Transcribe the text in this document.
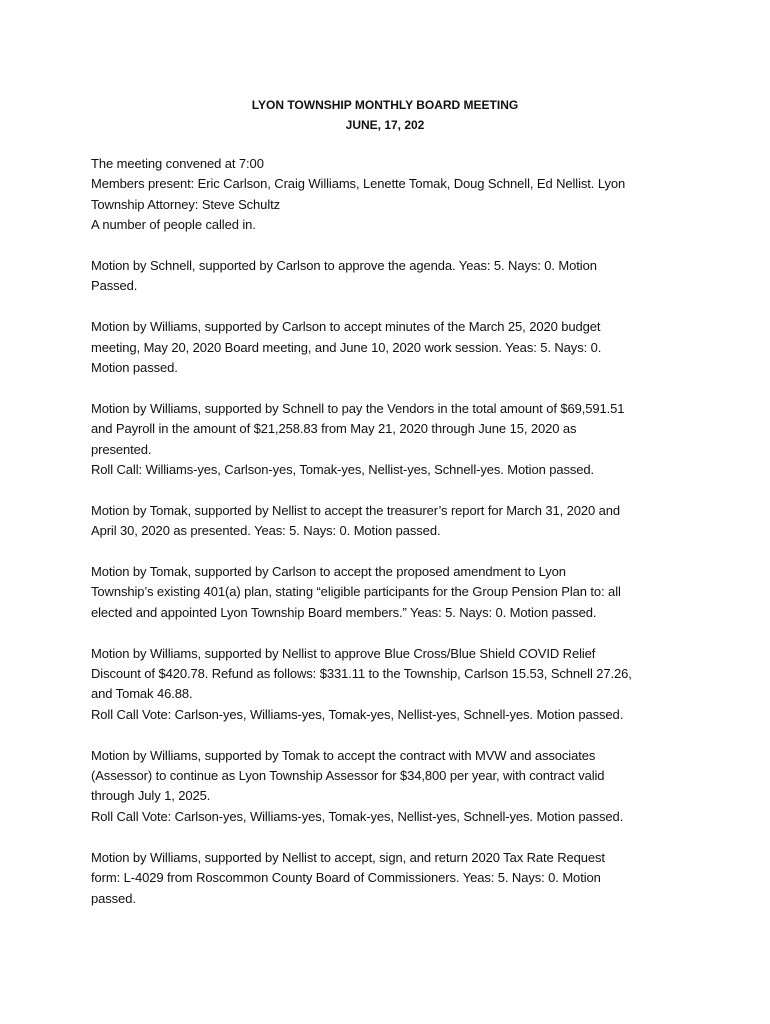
LYON TOWNSHIP MONTHLY BOARD MEETING
JUNE, 17, 202
The meeting convened at 7:00
Members present: Eric Carlson, Craig Williams, Lenette Tomak, Doug Schnell, Ed Nellist. Lyon
Township Attorney: Steve Schultz
A number of people called in.
Motion by Schnell, supported by Carlson to approve the agenda. Yeas: 5. Nays: 0. Motion
Passed.
Motion by Williams, supported by Carlson to accept minutes of the March 25, 2020 budget
meeting, May 20, 2020 Board meeting, and June 10, 2020 work session. Yeas: 5. Nays: 0.
Motion passed.
Motion by Williams, supported by Schnell to pay the Vendors in the total amount of $69,591.51
and Payroll in the amount of $21,258.83 from May 21, 2020 through June 15, 2020 as
presented.
Roll Call: Williams-yes, Carlson-yes, Tomak-yes, Nellist-yes, Schnell-yes. Motion passed.
Motion by Tomak, supported by Nellist to accept the treasurer’s report for March 31, 2020 and
April 30, 2020 as presented. Yeas: 5. Nays: 0. Motion passed.
Motion by Tomak, supported by Carlson to accept the proposed amendment to Lyon
Township’s existing 401(a) plan, stating “eligible participants for the Group Pension Plan to: all
elected and appointed Lyon Township Board members.” Yeas: 5. Nays: 0. Motion passed.
Motion by Williams, supported by Nellist to approve Blue Cross/Blue Shield COVID Relief
Discount of $420.78. Refund as follows: $331.11 to the Township, Carlson 15.53, Schnell 27.26,
and Tomak 46.88.
Roll Call Vote: Carlson-yes, Williams-yes, Tomak-yes, Nellist-yes, Schnell-yes. Motion passed.
Motion by Williams, supported by Tomak to accept the contract with MVW and associates
(Assessor) to continue as Lyon Township Assessor for $34,800 per year, with contract valid
through July 1, 2025.
Roll Call Vote: Carlson-yes, Williams-yes, Tomak-yes, Nellist-yes, Schnell-yes. Motion passed.
Motion by Williams, supported by Nellist to accept, sign, and return 2020 Tax Rate Request
form: L-4029 from Roscommon County Board of Commissioners. Yeas: 5. Nays: 0. Motion
passed.
